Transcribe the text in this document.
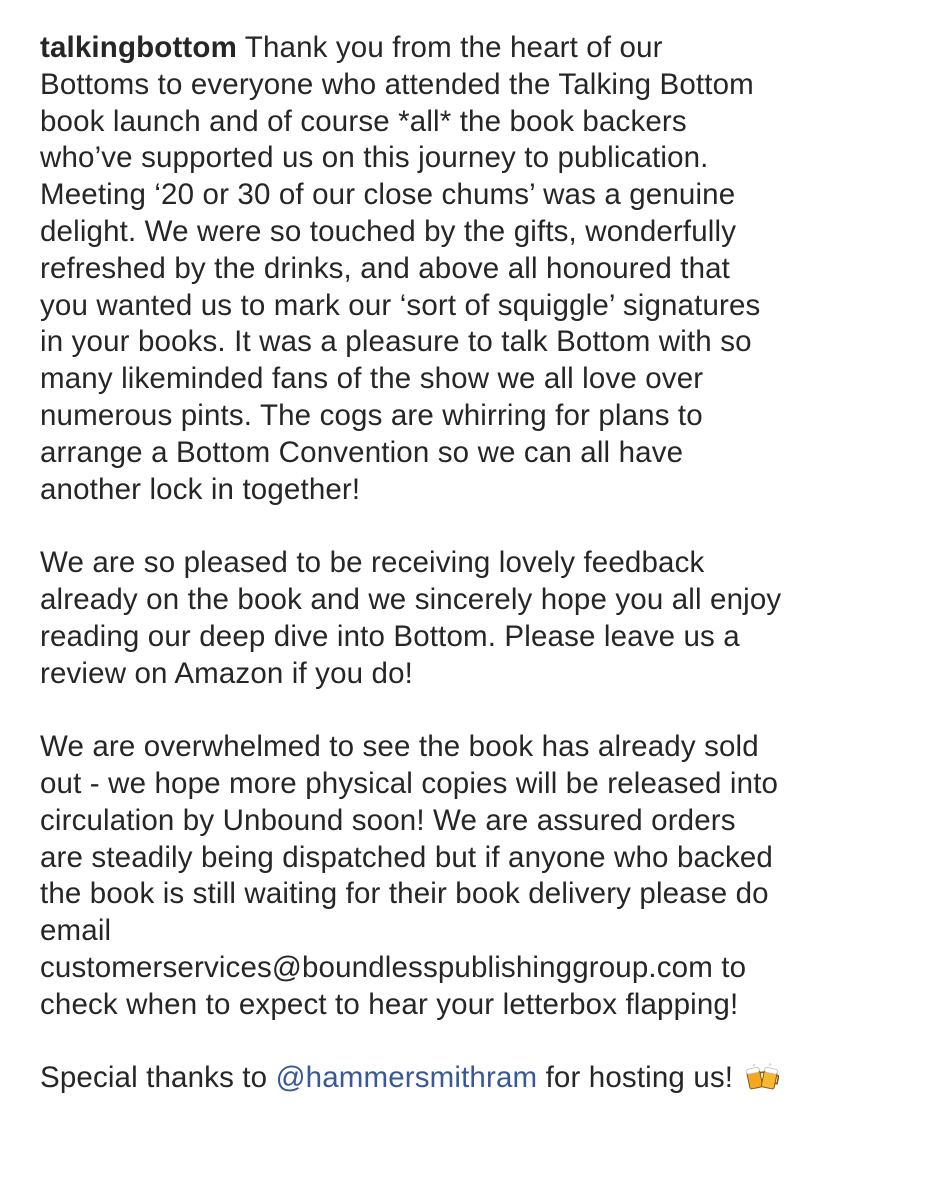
talkingbottom Thank you from the heart of our
Bottoms to everyone who attended the Talking Bottom
book launch and of course *all* the book backers
who’ve supported us on this journey to publication.
Meeting ‘20 or 30 of our close chums’ was a genuine
delight. We were so touched by the gifts, wonderfully
refreshed by the drinks, and above all honoured that
you wanted us to mark our ‘sort of squiggle’ signatures
in your books. It was a pleasure to talk Bottom with so
many likeminded fans of the show we all love over
numerous pints. The cogs are whirring for plans to
arrange a Bottom Convention so we can all have
another lock in together!

We are so pleased to be receiving lovely feedback
already on the book and we sincerely hope you all enjoy
reading our deep dive into Bottom. Please leave us a
review on Amazon if you do!

We are overwhelmed to see the book has already sold
out - we hope more physical copies will be released into
circulation by Unbound soon! We are assured orders
are steadily being dispatched but if anyone who backed
the book is still waiting for their book delivery please do
email
customerservices@boundlesspublishinggroup.com to
check when to expect to hear your letterbox flapping!

Special thanks to @hammersmithram for hosting us!
